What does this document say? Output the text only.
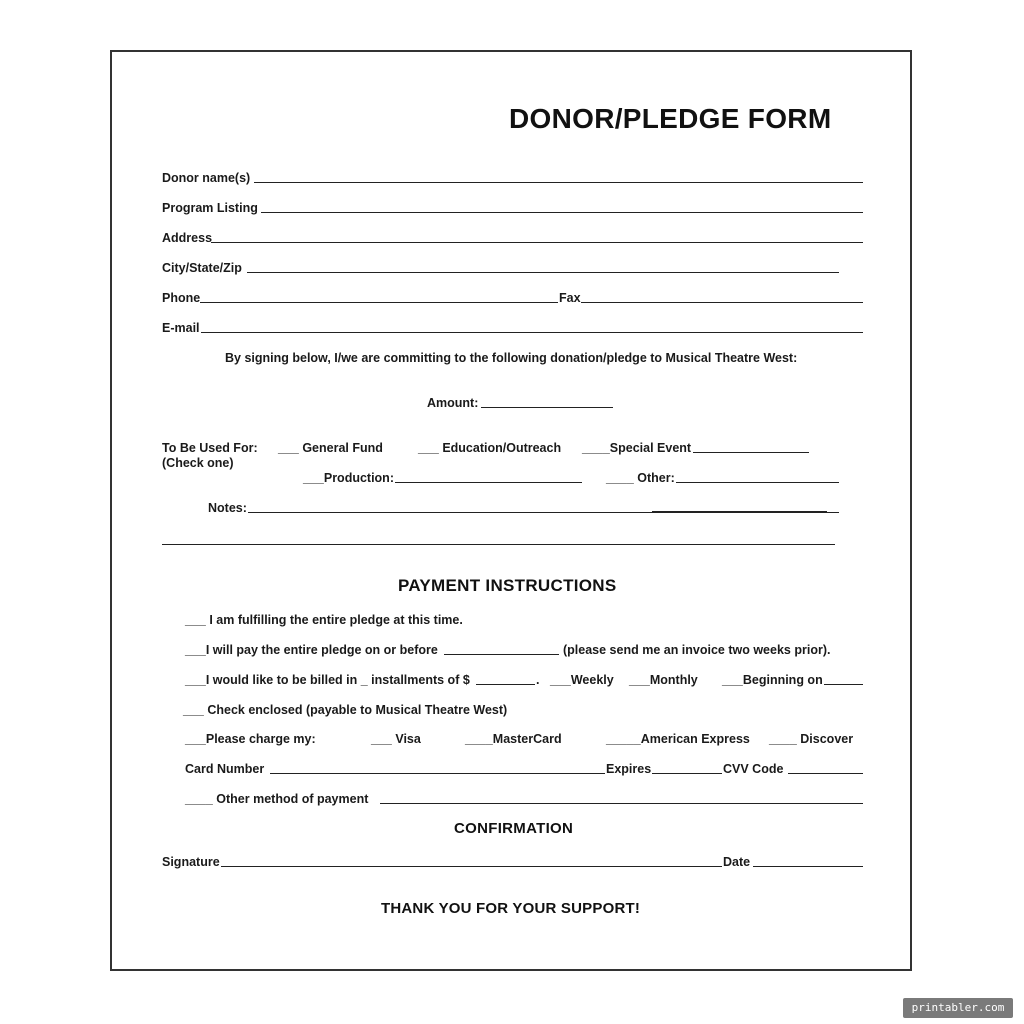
DONOR/PLEDGE FORM
Donor name(s)
Program Listing
Address
City/State/Zip
Phone	Fax
E-mail
By signing below, I/we are committing to the following donation/pledge to Musical Theatre West:
Amount:
To Be Used For:
(Check one)
___ General Fund	___ Education/Outreach ____Special Event
___Production:	____ Other:
Notes:
PAYMENT INSTRUCTIONS
___ I am fulfilling the entire pledge at this time.
___I will pay the entire pledge on or before	(please send me an invoice two weeks prior).
___I would like to be billed in _ installments of $	. ___Weekly ___Monthly ___Beginning on
___ Check enclosed (payable to Musical Theatre West)
___Please charge my:	___ Visa	____MasterCard	_____American Express ____ Discover
Card Number	Expires	CVV Code
____ Other method of payment
CONFIRMATION
Signature	Date
THANK YOU FOR YOUR SUPPORT!
printabler.com
